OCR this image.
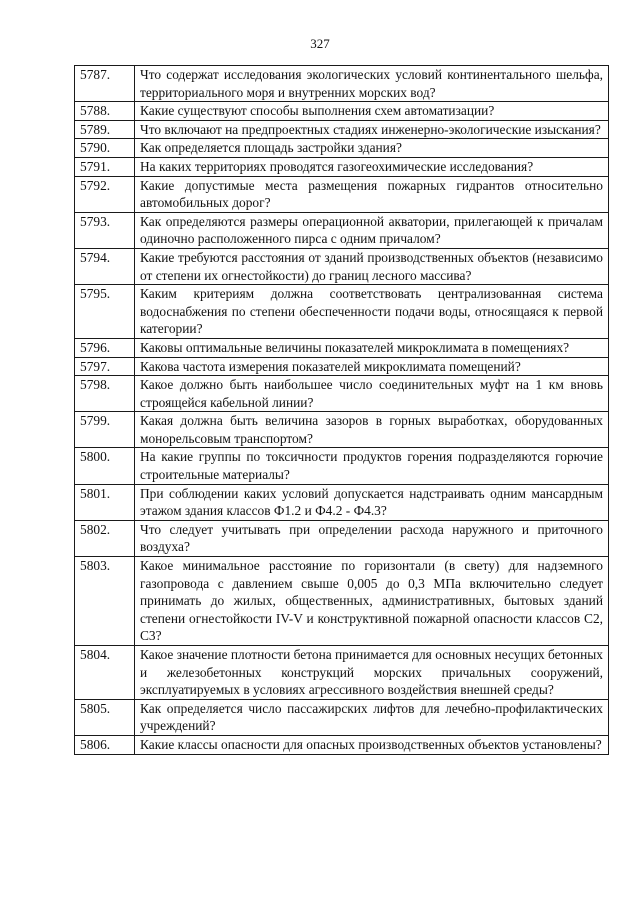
327
5787.	Что содержат исследования экологических условий континентального шельфа, территориального моря и внутренних морских вод?
5788.	Какие существуют способы выполнения схем автоматизации?
5789.	Что включают на предпроектных стадиях инженерно-экологические изыскания?
5790.	Как определяется площадь застройки здания?
5791.	На каких территориях проводятся газогеохимические исследования?
5792.	Какие допустимые места размещения пожарных гидрантов относительно автомобильных дорог?
5793.	Как определяются размеры операционной акватории, прилегающей к причалам одиночно расположенного пирса с одним причалом?
5794.	Какие требуются расстояния от зданий производственных объектов (независимо от степени их огнестойкости) до границ лесного массива?
5795.	Каким критериям должна соответствовать централизованная система водоснабжения по степени обеспеченности подачи воды, относящаяся к первой категории?
5796.	Каковы оптимальные величины показателей микроклимата в помещениях?
5797.	Какова частота измерения показателей микроклимата помещений?
5798.	Какое должно быть наибольшее число соединительных муфт на 1 км вновь строящейся кабельной линии?
5799.	Какая должна быть величина зазоров в горных выработках, оборудованных монорельсовым транспортом?
5800.	На какие группы по токсичности продуктов горения подразделяются горючие строительные материалы?
5801.	При соблюдении каких условий допускается надстраивать одним мансардным этажом здания классов Ф1.2 и Ф4.2 - Ф4.3?
5802.	Что следует учитывать при определении расхода наружного и приточного воздуха?
5803.	Какое минимальное расстояние по горизонтали (в свету) для надземного газопровода с давлением свыше 0,005 до 0,3 МПа включительно следует принимать до жилых, общественных, административных, бытовых зданий степени огнестойкости IV-V и конструктивной пожарной опасности классов С2, С3?
5804.	Какое значение плотности бетона принимается для основных несущих бетонных и железобетонных конструкций морских причальных сооружений, эксплуатируемых в условиях агрессивного воздействия внешней среды?
5805.	Как определяется число пассажирских лифтов для лечебно-профилактических учреждений?
5806.	Какие классы опасности для опасных производственных объектов установлены?
